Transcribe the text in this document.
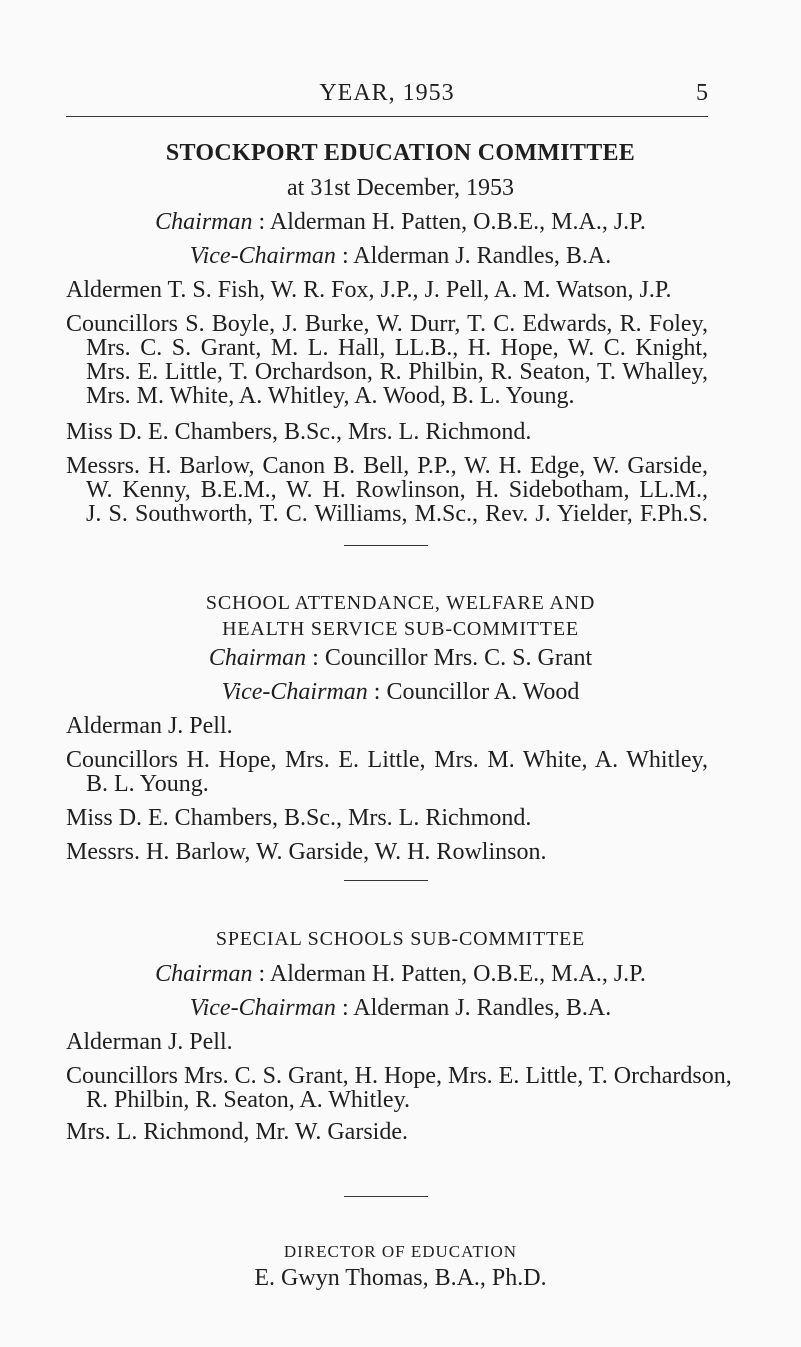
YEAR, 1953	5
STOCKPORT EDUCATION COMMITTEE
at 31st December, 1953
Chairman : Alderman H. Patten, O.B.E., M.A., J.P.
Vice-Chairman : Alderman J. Randles, B.A.
Aldermen T. S. Fish, W. R. Fox, J.P., J. Pell, A. M. Watson, J.P.
Councillors S. Boyle, J. Burke, W. Durr, T. C. Edwards, R. Foley,
Mrs. C. S. Grant, M. L. Hall, LL.B., H. Hope, W. C. Knight,
Mrs. E. Little, T. Orchardson, R. Philbin, R. Seaton, T. Whalley,
Mrs. M. White, A. Whitley, A. Wood, B. L. Young.
Miss D. E. Chambers, B.Sc., Mrs. L. Richmond.
Messrs. H. Barlow, Canon B. Bell, P.P., W. H. Edge, W. Garside,
W. Kenny, B.E.M., W. H. Rowlinson, H. Sidebotham, LL.M.,
J. S. Southworth, T. C. Williams, M.Sc., Rev. J. Yielder, F.Ph.S.
SCHOOL ATTENDANCE, WELFARE AND
HEALTH SERVICE SUB-COMMITTEE
Chairman : Councillor Mrs. C. S. Grant
Vice-Chairman : Councillor A. Wood
Alderman J. Pell.
Councillors H. Hope, Mrs. E. Little, Mrs. M. White, A. Whitley,
B. L. Young.
Miss D. E. Chambers, B.Sc., Mrs. L. Richmond.
Messrs. H. Barlow, W. Garside, W. H. Rowlinson.
SPECIAL SCHOOLS SUB-COMMITTEE
Chairman : Alderman H. Patten, O.B.E., M.A., J.P.
Vice-Chairman : Alderman J. Randles, B.A.
Alderman J. Pell.
Councillors Mrs. C. S. Grant, H. Hope, Mrs. E. Little, T. Orchardson,
R. Philbin, R. Seaton, A. Whitley.
Mrs. L. Richmond, Mr. W. Garside.
DIRECTOR OF EDUCATION
E. Gwyn Thomas, B.A., Ph.D.
